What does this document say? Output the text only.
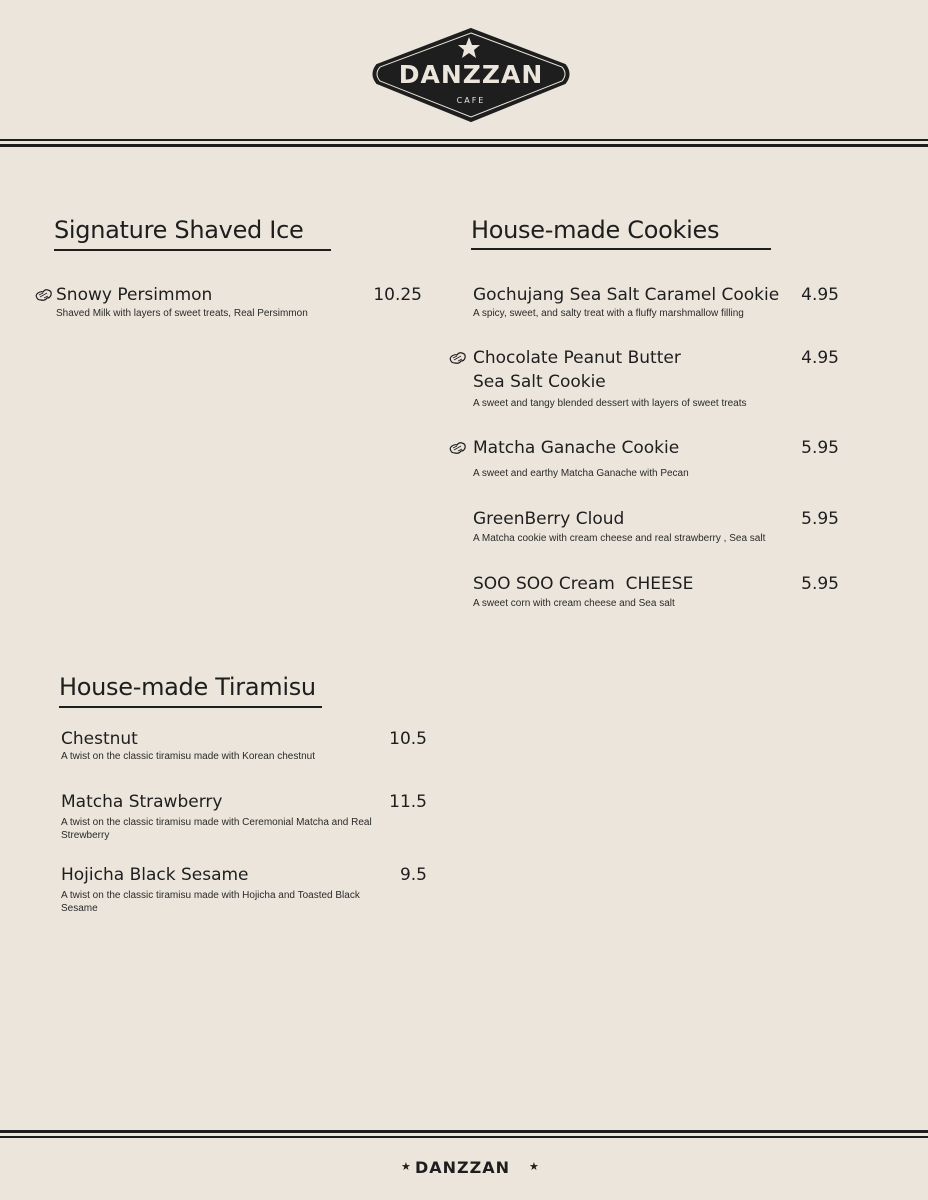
DANZZAN
CAFE
Signature Shaved Ice
Snowy Persimmon	10.25
Shaved Milk with layers of sweet treats, Real Persimmon
House-made Cookies
Gochujang Sea Salt Caramel Cookie 4.95
A spicy, sweet, and salty treat with a fluffy marshmallow filling
Chocolate Peanut Butter
Sea Salt Cookie
4.95
A sweet and tangy blended dessert with layers of sweet treats
Matcha Ganache Cookie	5.95
A sweet and earthy Matcha Ganache with Pecan
GreenBerry Cloud	5.95
A Matcha cookie with cream cheese and real strawberry , Sea salt
SOO SOO Cream  CHEESE	5.95
A sweet corn with cream cheese and Sea salt
House-made Tiramisu
Chestnut	10.5
A twist on the classic tiramisu made with Korean chestnut
Matcha Strawberry	11.5
A twist on the classic tiramisu made with Ceremonial Matcha and Real Strewberry
Hojicha Black Sesame	9.5
A twist on the classic tiramisu made with Hojicha and Toasted Black Sesame
★ DANZZAN ★
